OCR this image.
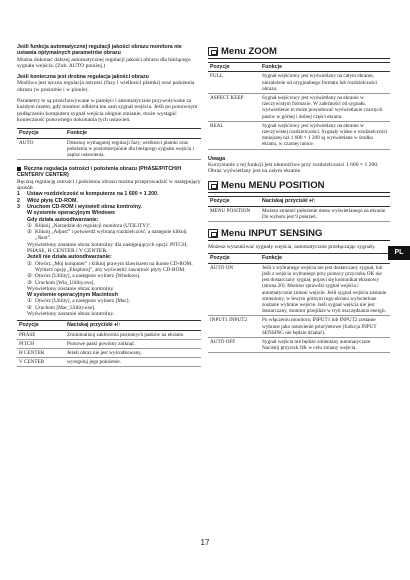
Jeśli funkcja automatycznej regulacji jakości obrazu monitora nie ustawia optymalnych parametrów obrazu

Można dokonać dalszej automatycznej regulacji jakości obrazu dla bieżącego sygnału wejścia. (Zob. AUTO poniżej.)

Jeśli konieczna jest drobna regulacja jakości obrazu

Możliwa jest ręczna regulacja ostrości (fazy i wielkości plamki) oraz położenia obrazu (w poziomie i w pionie).

Parametry te są przechowywane w pamięci i automatycznie przywoływane za każdym razem, gdy monitor odbiera ten sam sygnał wejścia. Jeśli po ponownym podłączeniu komputera sygnał wejścia ulegnie zmianie, może wystąpić konieczność ponownego dokonania tych ustawień.

Pozycje	Funkcje
AUTO	Dokonuj wymaganej regulacji fazy, wielkości plamki oraz położenia w poziomie/pionie dla bieżącego sygnału wejścia i zapisz ustawienia.

Ręczna regulacja ostrości i położenia obrazu (PHASE/PITCH/H CENTER/V CENTER)

Ręczną regulację ostrości i położenia obrazu można przeprowadzić w następujący sposób.

1	Ustaw rozdzielczość w komputerze na 1 600 × 1 200.
2	Włóż płytę CD-ROM.
3	Uruchom CD-ROM i wyświetl obraz kontrolny.

W systemie operacyjnym Windows

Gdy działa autoodtwarzanie:

① Kliknij „Narzędzie do regulacji monitora (UTILITY)”.
② Kliknij „Adjust” i potwierdź wybraną rozdzielczość, a następnie kliknij „Next”.

Wyświetlony zostanie obraz kontrolny dla następujących opcji: PITCH, PHASE, H CENTER i V CENTER.

Jeżeli nie działa autoodtwarzanie:

① Otwórz „Mój komputer” i kliknij prawym klawiszem na ikonie CD-ROM. Wybierz opcję „Eksploruj”, aby wyświetlić zawartość płyty CD-ROM.
② Otwórz [Utility], a następnie wybierz [Windows].
③ Uruchom [Win_Utility.exe].

Wyświetlony zostanie obraz kontrolny.

W systemie operacyjnym Macintosh

① Otwórz [Utility], a następnie wybierz [Mac].
② Uruchom [Mac_Utility.exe].

Wyświetlony zostanie obraz kontrolny.

Pozycje	Naciskaj przyciski ♦/↑
PHASE	Zminimalizuj zakłócenia poziomych pasków na ekranie.
PITCH	Pionowe paski powinny zniknąć.
H CENTER	Jeżeli obraz nie jest wyśrodkowany,
V CENTER	wyreguluj jego położenie.
Menu ZOOM
Pozycje	Funkcje
FULL	Sygnał wejściowy jest wyświetlany na całym ekranie, niezależnie od oryginalnego formatu lub rozdzielczości obrazu.
ASPECT KEEP	Sygnał wejściowy jest wyświetlany na ekranie w rzeczywistym formacie. W zależności od sygnału, wyświetlenie to może powodować wyświetlanie czarnych pasów w górnej i dolnej części ekranu.
REAL	Sygnał wejściowy jest wyświetlany na ekranie w rzeczywistej rozdzielczości. Sygnały wideo o rozdzielczości mniejszej niż 1 600 × 1 200 są wyświetlane w środku ekranu, w czarnej ramce.

Uwaga

Korzystanie z tej funkcji jest niemożliwe przy rozdzielczości 1 600 × 1 200. Obraz wyświetlany jest na całym ekranie.

Menu MENU POSITION
Pozycje	Naciskaj przyciski ♦/↑
MENU POSITION	Możesz zmienić położenie menu wyświetlanego na ekranie. Do wyboru jest 9 położeń.
Menu INPUT SENSING

Możesz wyszukiwać sygnały wejścia, automatycznie przełączając sygnały.

Pozycje	Funkcje
AUTO ON	Jeśli z wybranego wejścia nie jest dostarczany sygnał, lub jeśli z wejścia wybranego przy pomocy przycisku OK nie jest dostarczany sygnał, pojawi się komunikat ekranowy (strona 20). Monitor sprawdzi sygnał wejścia i automatycznie zmieni wejście. Jeśli sygnał wejścia zostanie zmieniony, w lewym górnym rogu ekranu wyświetlone zostanie wybrane wejście. Jeśli sygnał wejścia nie jest dostarczany, monitor przejdzie w tryb oszczędzania energii.
INPUT1 INPUT2	Po włączeniu monitora, INPUT1 lub INPUT2 zostanie wybrane jako ustawienie priorytetowe (funkcja INPUT SENSING nie będzie działać).
AUTO OFF	Sygnał wejścia nie będzie zmieniany automatycznie. Naciśnij przycisk OK w celu zmiany wejścia.
PL
17
